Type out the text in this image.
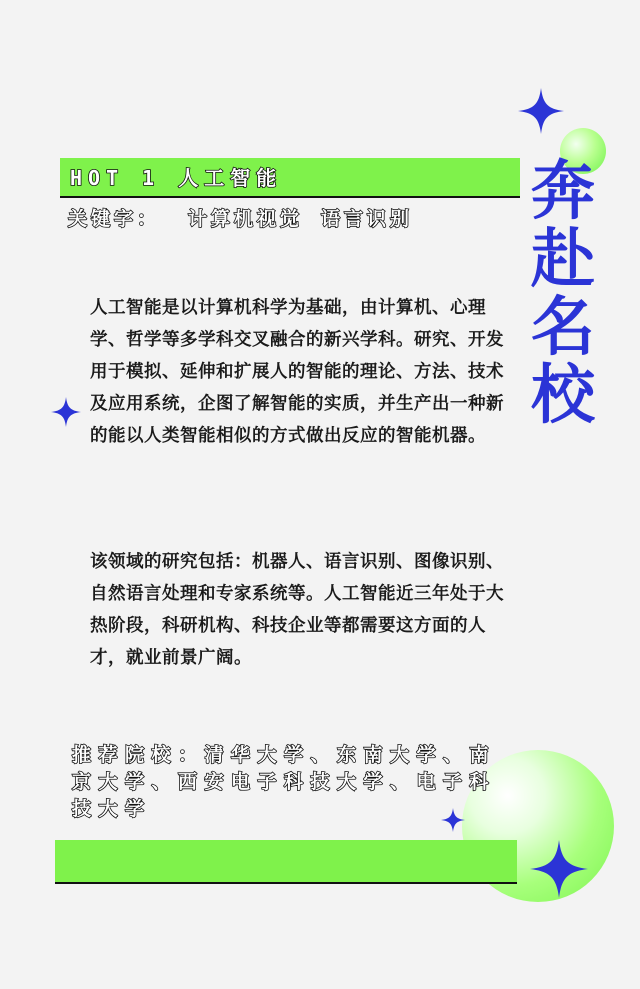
HOT 1 人工智能
关键字： 计算机视觉 语言识别 奔
赴
名
校
人工智能是以计算机科学为基础，由计算机、心理学、哲学等多学科交叉融合的新兴学科。研究、开发用于模拟、延伸和扩展人的智能的理论、方法、技术及应用系统，企图了解智能的实质，并生产出一种新的能以人类智能相似的方式做出反应的智能机器。
该领域的研究包括：机器人、语言识别、图像识别、自然语言处理和专家系统等。人工智能近三年处于大热阶段，科研机构、科技企业等都需要这方面的人才，就业前景广阔。
推荐院校：清华大学、东南大学、南京大学、西安电子科技大学、电子科技大学
